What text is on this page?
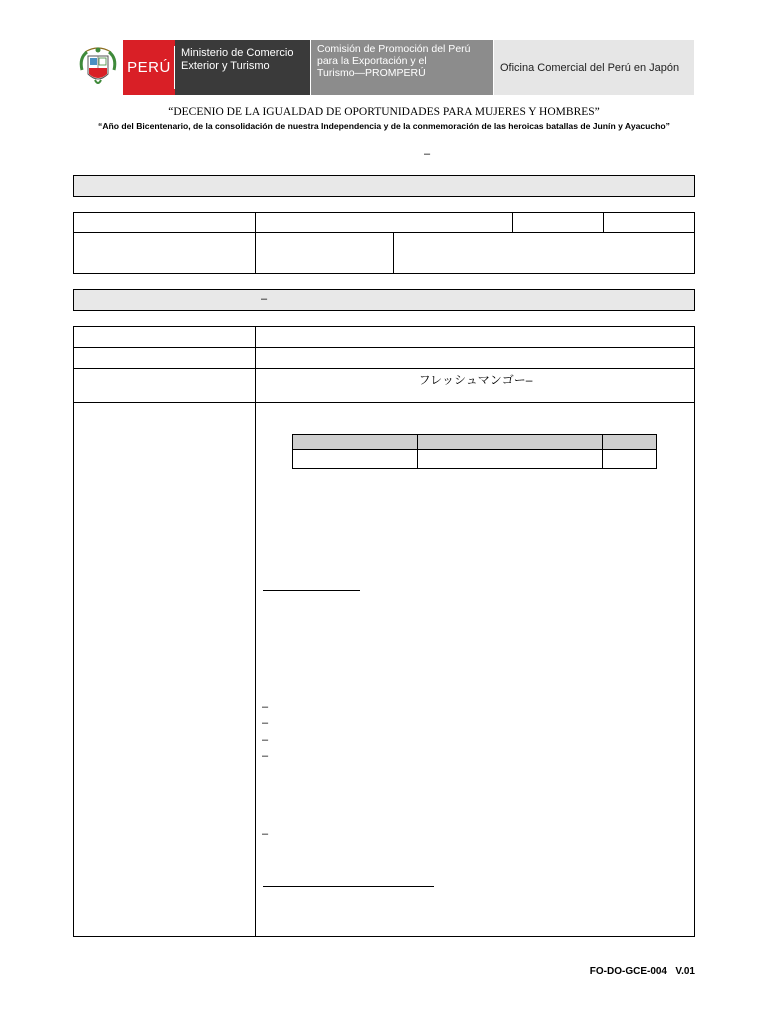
PERÚ
Ministerio de Comercio
Exterior y Turismo
Comisión de Promoción del Perú
para la Exportación y el
Turismo—PROMPERÚ	Oficina Comercial del Perú en Japón
“DECENIO DE LA IGUALDAD DE OPORTUNIDADES PARA MUJERES Y HOMBRES”
“Año del Bicentenario, de la consolidación de nuestra Independencia y de la conmemoración de las heroicas batallas de Junín y Ayacucho”
–
–
フレッシュマンゴー–
–
–
–
–
–
FO-DO-GCE-004   V.01
